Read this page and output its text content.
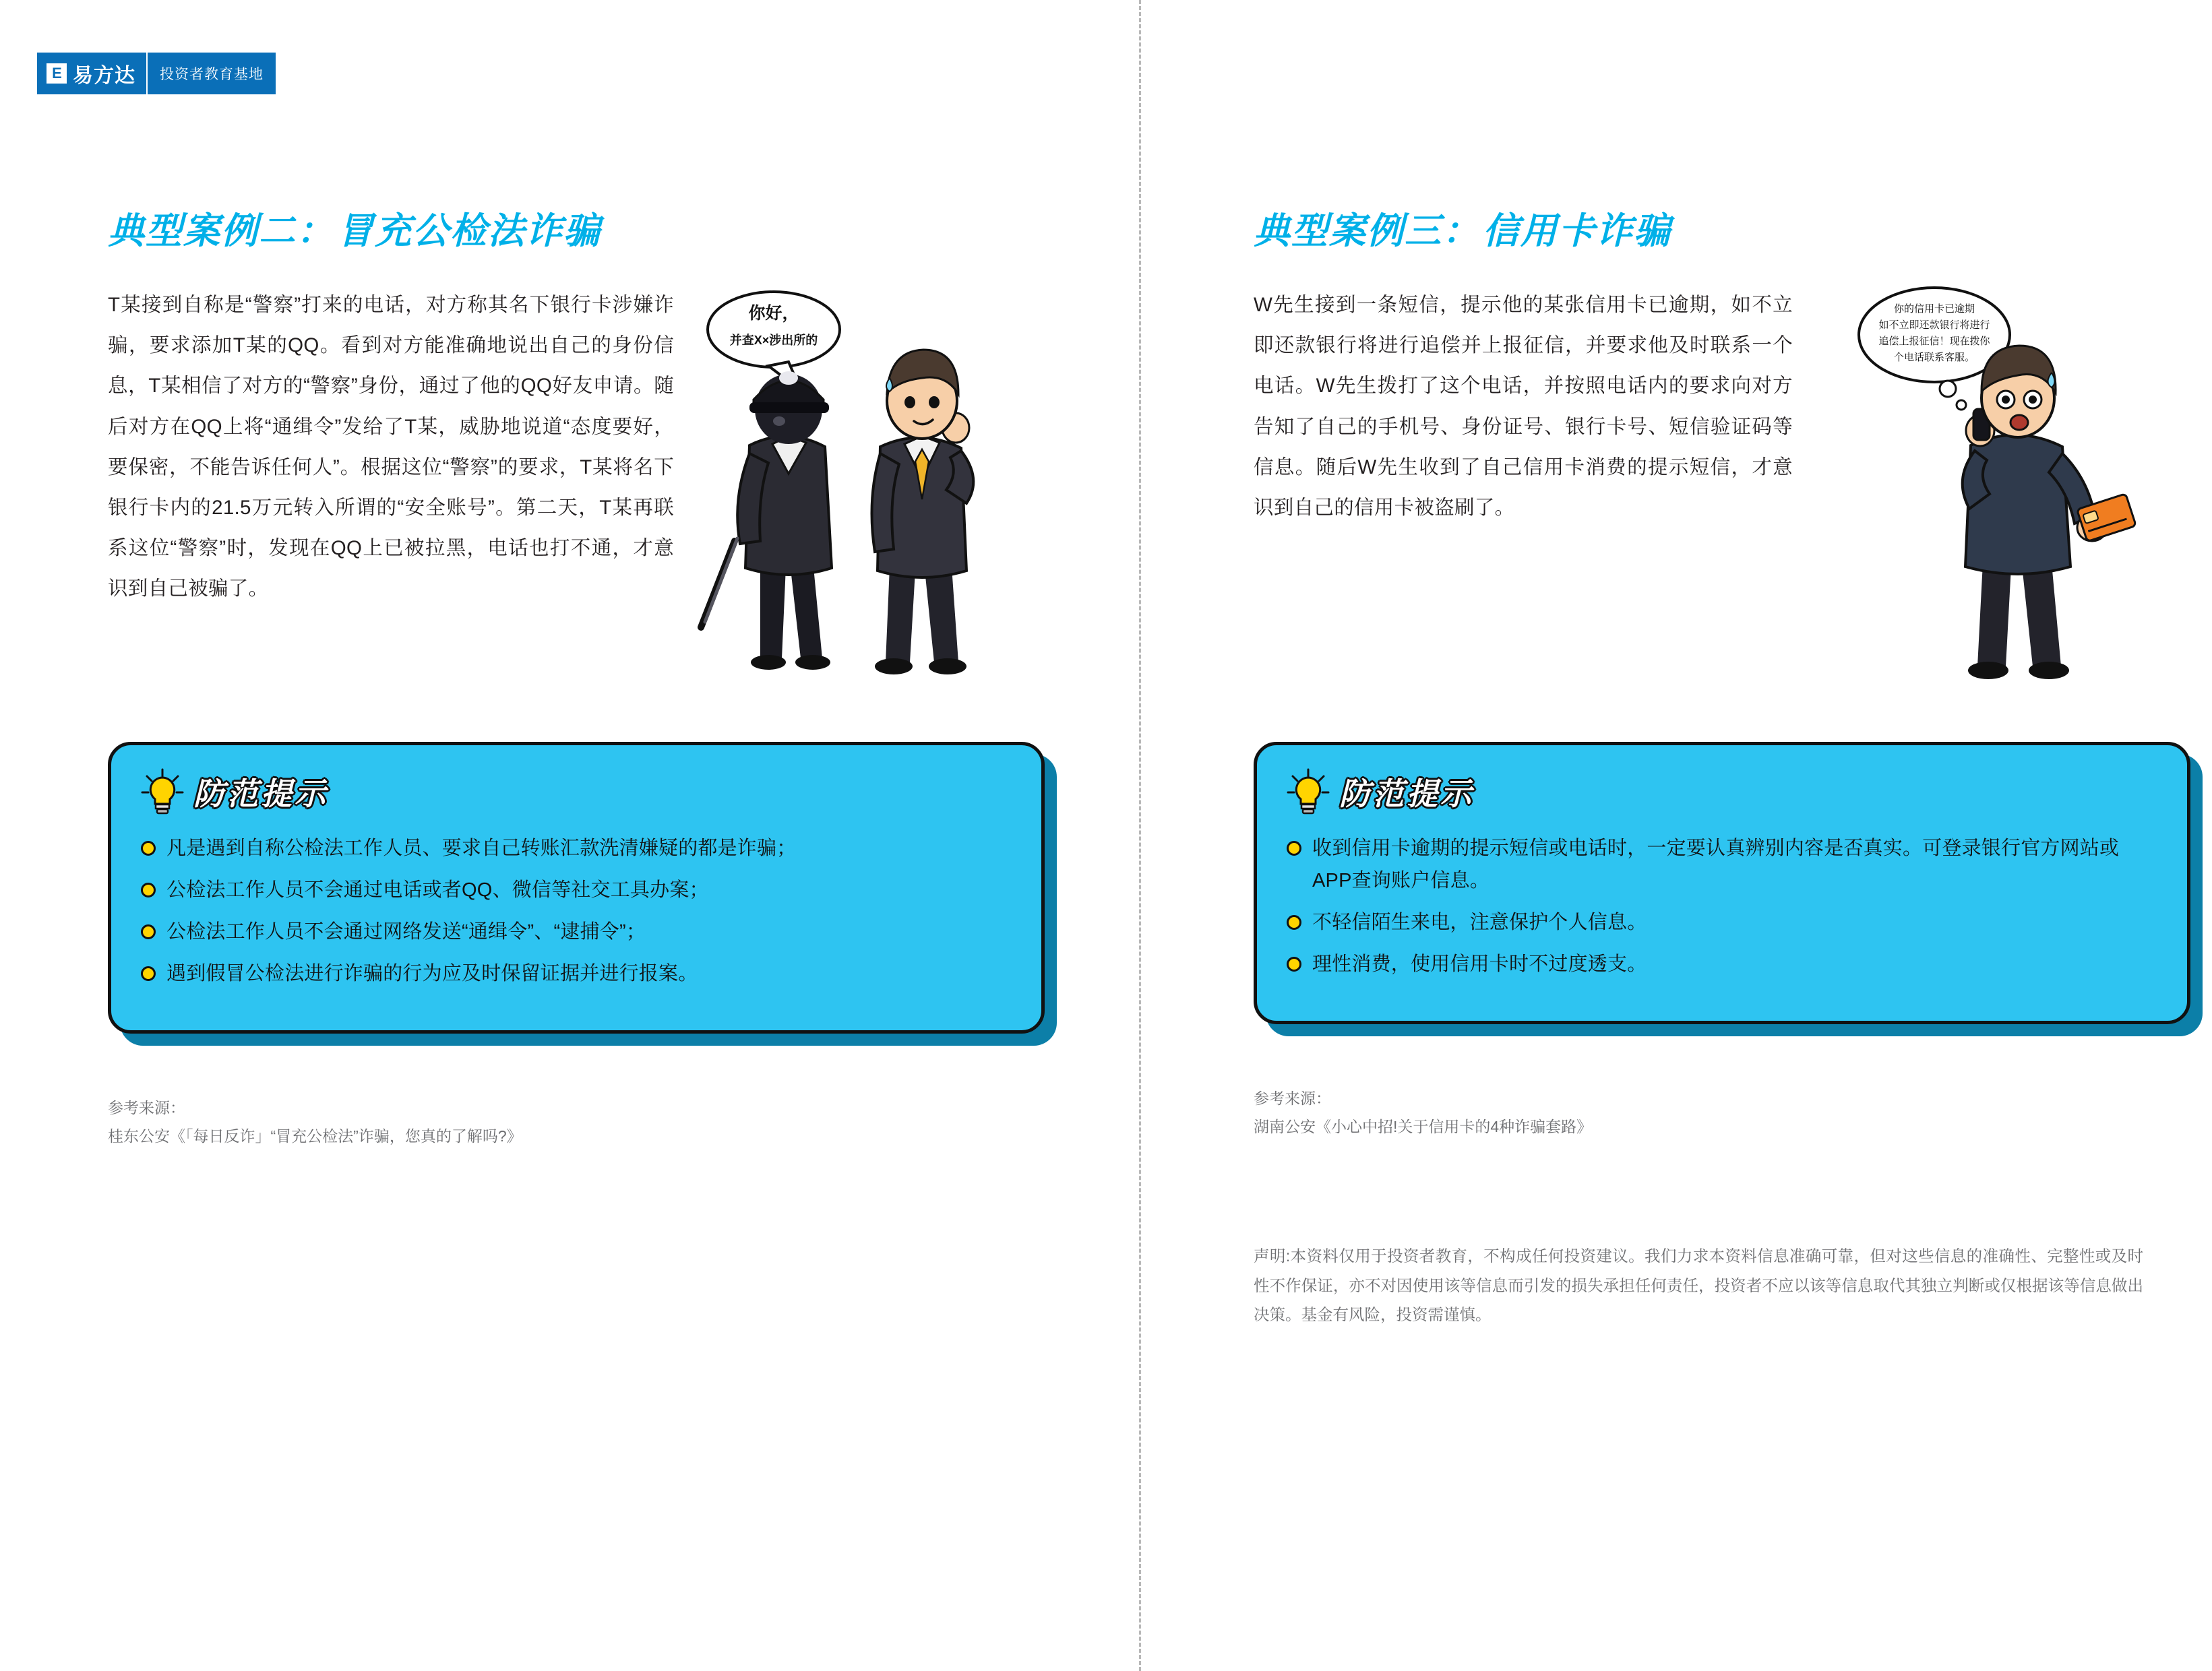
E 易方达	投资者教育基地
典型案例二：冒充公检法诈骗
T某接到自称是“警察”打来的电话，对方称其名下银行卡涉嫌诈骗，要求添加T某的QQ。看到对方能准确地说出自己的身份信息，T某相信了对方的“警察”身份，通过了他的QQ好友申请。随后对方在QQ上将“通缉令”发给了T某，威胁地说道“态度要好，要保密，不能告诉任何人”。根据这位“警察”的要求，T某将名下银行卡内的21.5万元转入所谓的“安全账号”。第二天，T某再联系这位“警察”时，发现在QQ上已被拉黑，电话也打不通，才意识到自己被骗了。
你好，
并查X×涉出所的
防范提示
凡是遇到自称公检法工作人员、要求自己转账汇款洗清嫌疑的都是诈骗；
公检法工作人员不会通过电话或者QQ、微信等社交工具办案；
公检法工作人员不会通过网络发送“通缉令”、“逮捕令”；
遇到假冒公检法进行诈骗的行为应及时保留证据并进行报案。
参考来源：
桂东公安《「每日反诈」“冒充公检法”诈骗，您真的了解吗?》
典型案例三：信用卡诈骗
W先生接到一条短信，提示他的某张信用卡已逾期，如不立即还款银行将进行追偿并上报征信，并要求他及时联系一个电话。W先生拨打了这个电话，并按照电话内的要求向对方告知了自己的手机号、身份证号、银行卡号、短信验证码等信息。随后W先生收到了自己信用卡消费的提示短信，才意识到自己的信用卡被盗刷了。
你的信用卡已逾期
如不立即还款银行将进行
追偿上报征信！现在拨你
个电话联系客服。
防范提示
收到信用卡逾期的提示短信或电话时，一定要认真辨别内容是否真实。可登录银行官方网站或APP查询账户信息。
不轻信陌生来电，注意保护个人信息。
理性消费，使用信用卡时不过度透支。
参考来源：
湖南公安《小心中招!关于信用卡的4种诈骗套路》
声明:本资料仅用于投资者教育，不构成任何投资建议。我们力求本资料信息准确可靠，但对这些信息的准确性、完整性或及时性不作保证，亦不对因使用该等信息而引发的损失承担任何责任，投资者不应以该等信息取代其独立判断或仅根据该等信息做出决策。基金有风险，投资需谨慎。
